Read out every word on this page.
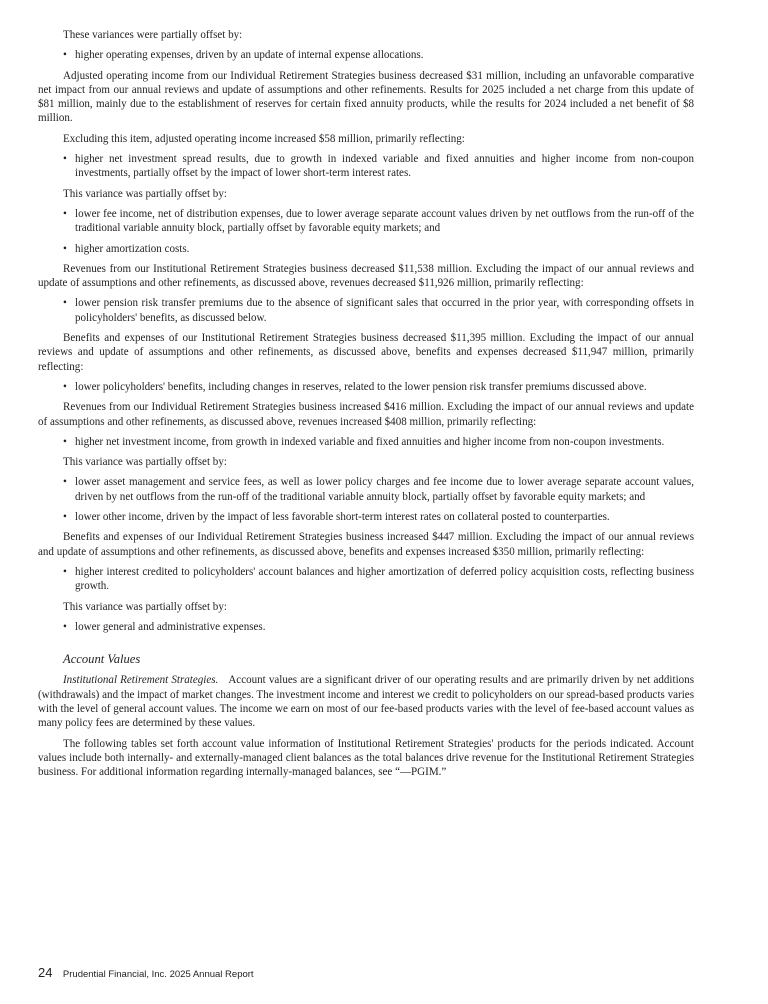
These variances were partially offset by:

• higher operating expenses, driven by an update of internal expense allocations.

Adjusted operating income from our Individual Retirement Strategies business decreased $31 million, including an unfavorable comparative net impact from our annual reviews and update of assumptions and other refinements. Results for 2025 included a net charge from this update of $81 million, mainly due to the establishment of reserves for certain fixed annuity products, while the results for 2024 included a net benefit of $8 million.

Excluding this item, adjusted operating income increased $58 million, primarily reflecting:

• higher net investment spread results, due to growth in indexed variable and fixed annuities and higher income from non-coupon investments, partially offset by the impact of lower short-term interest rates.

This variance was partially offset by:

• lower fee income, net of distribution expenses, due to lower average separate account values driven by net outflows from the run-off of the traditional variable annuity block, partially offset by favorable equity markets; and
• higher amortization costs.

Revenues from our Institutional Retirement Strategies business decreased $11,538 million. Excluding the impact of our annual reviews and update of assumptions and other refinements, as discussed above, revenues decreased $11,926 million, primarily reflecting:

• lower pension risk transfer premiums due to the absence of significant sales that occurred in the prior year, with corresponding offsets in policyholders' benefits, as discussed below.

Benefits and expenses of our Institutional Retirement Strategies business decreased $11,395 million. Excluding the impact of our annual reviews and update of assumptions and other refinements, as discussed above, benefits and expenses decreased $11,947 million, primarily reflecting:

• lower policyholders' benefits, including changes in reserves, related to the lower pension risk transfer premiums discussed above.

Revenues from our Individual Retirement Strategies business increased $416 million. Excluding the impact of our annual reviews and update of assumptions and other refinements, as discussed above, revenues increased $408 million, primarily reflecting:

• higher net investment income, from growth in indexed variable and fixed annuities and higher income from non-coupon investments.

This variance was partially offset by:

• lower asset management and service fees, as well as lower policy charges and fee income due to lower average separate account values, driven by net outflows from the run-off of the traditional variable annuity block, partially offset by favorable equity markets; and
• lower other income, driven by the impact of less favorable short-term interest rates on collateral posted to counterparties.

Benefits and expenses of our Individual Retirement Strategies business increased $447 million. Excluding the impact of our annual reviews and update of assumptions and other refinements, as discussed above, benefits and expenses increased $350 million, primarily reflecting:

• higher interest credited to policyholders' account balances and higher amortization of deferred policy acquisition costs, reflecting business growth.

This variance was partially offset by:

• lower general and administrative expenses.

Account Values

Institutional Retirement Strategies. Account values are a significant driver of our operating results and are primarily driven by net additions (withdrawals) and the impact of market changes. The investment income and interest we credit to policyholders on our spread-based products varies with the level of general account values. The income we earn on most of our fee-based products varies with the level of fee-based account values as many policy fees are determined by these values.

The following tables set forth account value information of Institutional Retirement Strategies' products for the periods indicated. Account values include both internally- and externally-managed client balances as the total balances drive revenue for the Institutional Retirement Strategies business. For additional information regarding internally-managed balances, see “—PGIM.”

24 Prudential Financial, Inc. 2025 Annual Report
